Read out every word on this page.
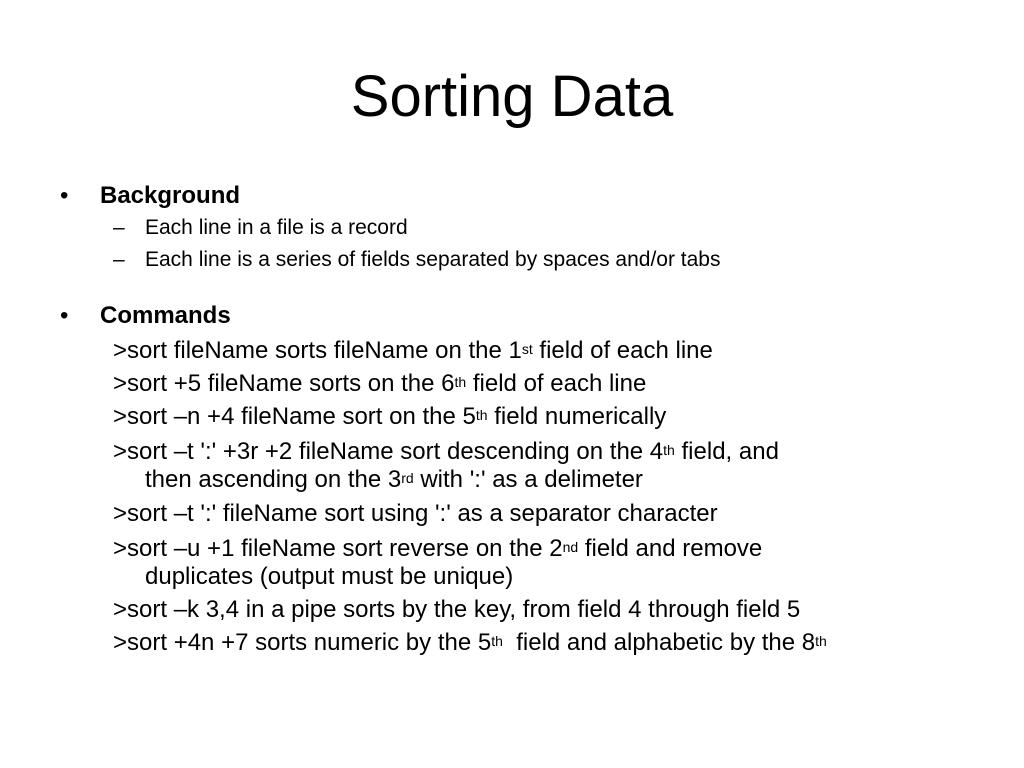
Sorting Data
• Background
– Each line in a file is a record
– Each line is a series of fields separated by spaces and/or tabs
• Commands
>sort fileName sorts fileName on the 1st field of each line
>sort +5 fileName sorts on the 6th field of each line
>sort –n +4 fileName sort on the 5th field numerically
>sort –t ':' +3r +2 fileName sort descending on the 4th field, and
then ascending on the 3rd with ':' as a delimeter
>sort –t ':' fileName sort using ':' as a separator character
>sort –u +1 fileName sort reverse on the 2nd field and remove
duplicates (output must be unique)
>sort –k 3,4 in a pipe sorts by the key, from field 4 through field 5
>sort +4n +7 sorts numeric by the 5th  field and alphabetic by the 8th
